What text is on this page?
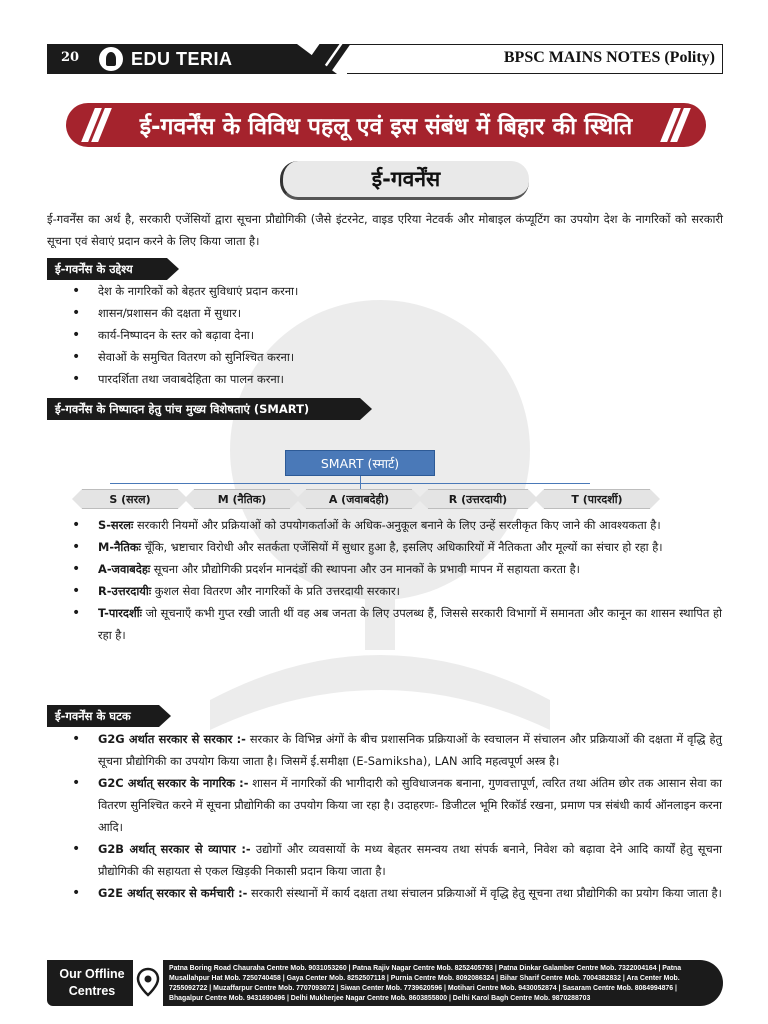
20	EDU TERIA	BPSC MAINS NOTES (Polity)
ई-गवर्नेंस के विविध पहलू एवं इस संबंध में बिहार की स्थिति
ई-गवर्नेंस
ई-गवर्नेंस का अर्थ है, सरकारी एजेंसियों द्वारा सूचना प्रौद्योगिकी (जैसे इंटरनेट, वाइड एरिया नेटवर्क और मोबाइल कंप्यूटिंग का उपयोग देश के नागरिकों को सरकारी सूचना एवं सेवाएं प्रदान करने के लिए किया जाता है।
ई-गवर्नेंस के उद्देश्य
• देश के नागरिकों को बेहतर सुविधाएं प्रदान करना।
• शासन/प्रशासन की दक्षता में सुधार।
• कार्य-निष्पादन के स्तर को बढ़ावा देना।
• सेवाओं के समुचित वितरण को सुनिश्चित करना।
• पारदर्शिता तथा जवाबदेहिता का पालन करना।
ई-गवर्नेंस के निष्पादन हेतु पांच मुख्य विशेषताएं (SMART)
SMART (स्मार्ट)
S (सरल)	M (नैतिक)	A (जवाबदेही)	R (उत्तरदायी)	T (पारदर्शी)
• S-सरलः सरकारी नियमों और प्रक्रियाओं को उपयोगकर्ताओं के अधिक-अनुकूल बनाने के लिए उन्हें सरलीकृत किए जाने की आवश्यकता है।
• M-नैतिकः चूँकि, भ्रष्टाचार विरोधी और सतर्कता एजेंसियों में सुधार हुआ है, इसलिए अधिकारियों में नैतिकता और मूल्यों का संचार हो रहा है।
• A-जवाबदेहः सूचना और प्रौद्योगिकी प्रदर्शन मानदंडों की स्थापना और उन मानकों के प्रभावी मापन में सहायता करता है।
• R-उत्तरदायीः कुशल सेवा वितरण और नागरिकों के प्रति उत्तरदायी सरकार।
• T-पारदर्शीः जो सूचनाएँ कभी गुप्त रखी जाती थीं वह अब जनता के लिए उपलब्ध हैं, जिससे सरकारी विभागों में समानता और कानून का शासन स्थापित हो रहा है।
ई-गवर्नेंस के घटक
• G2G अर्थात सरकार से सरकार :- सरकार के विभिन्न अंगों के बीच प्रशासनिक प्रक्रियाओं के स्वचालन में संचालन और प्रक्रियाओं की दक्षता में वृद्धि हेतु सूचना प्रौद्योगिकी का उपयोग किया जाता है। जिसमें ई.समीक्षा (E-Samiksha), LAN आदि महत्वपूर्ण अस्त्र है।
• G2C अर्थात् सरकार के नागरिक :- शासन में नागरिकों की भागीदारी को सुविधाजनक बनाना, गुणवत्तापूर्ण, त्वरित तथा अंतिम छोर तक आसान सेवा का वितरण सुनिश्चित करने में सूचना प्रौद्योगिकी का उपयोग किया जा रहा है। उदाहरणः- डिजीटल भूमि रिकॉर्ड रखना, प्रमाण पत्र संबंधी कार्य ऑनलाइन करना आदि।
• G2B अर्थात् सरकार से व्यापार :- उद्योगों और व्यवसायों के मध्य बेहतर समन्वय तथा संपर्क बनाने, निवेश को बढ़ावा देने आदि कार्यों हेतु सूचना प्रौद्योगिकी की सहायता से एकल खिड़की निकासी प्रदान किया जाता है।
• G2E अर्थात् सरकार से कर्मचारी :- सरकारी संस्थानों में कार्य दक्षता तथा संचालन प्रक्रियाओं में वृद्धि हेतु सूचना तथा प्रौद्योगिकी का प्रयोग किया जाता है।
Our Offline
Centres
Patna Boring Road Chauraha Centre Mob. 9031053260 | Patna Rajiv Nagar Centre Mob. 8252405793 | Patna Dinkar Galamber Centre Mob. 7322004164 | Patna Musallahpur Hat Mob. 7250740458 | Gaya Center Mob. 8252507118 | Purnia Centre Mob. 8092086324 | Bihar Sharif Centre Mob. 7004382832 | Ara Center Mob. 7255092722 | Muzaffarpur Centre Mob. 7707093072 | Siwan Center Mob. 7739620596 | Motihari Centre Mob. 9430052874 | Sasaram Centre Mob. 8084994876 | Bhagalpur Centre Mob. 9431690496 | Delhi Mukherjee Nagar Centre Mob. 8603855800 | Delhi Karol Bagh Centre Mob. 9870288703
